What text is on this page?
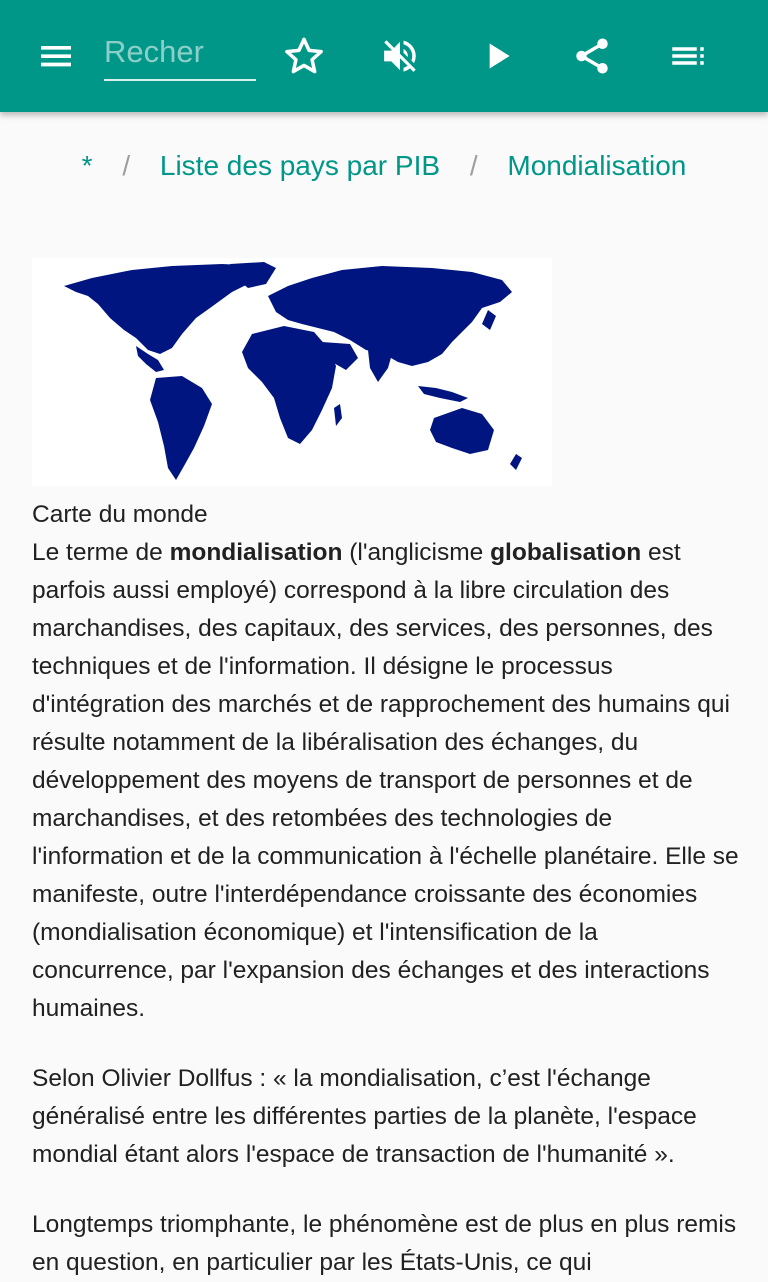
Recher
* / Liste des pays par PIB / Mondialisation
Carte du monde

Le terme de mondialisation (l'anglicisme globalisation est parfois aussi employé) correspond à la libre circulation des marchandises, des capitaux, des services, des personnes, des techniques et de l'information. Il désigne le processus d'intégration des marchés et de rapprochement des humains qui résulte notamment de la libéralisation des échanges, du développement des moyens de transport de personnes et de marchandises, et des retombées des technologies de l'information et de la communication à l'échelle planétaire. Elle se manifeste, outre l'interdépendance croissante des économies (mondialisation économique) et l'intensification de la concurrence, par l'expansion des échanges et des interactions humaines.

Selon Olivier Dollfus : « la mondialisation, c’est l'échange généralisé entre les différentes parties de la planète, l'espace mondial étant alors l'espace de transaction de l'humanité ».

Longtemps triomphante, le phénomène est de plus en plus remis en question, en particulier par les États-Unis, ce qui
